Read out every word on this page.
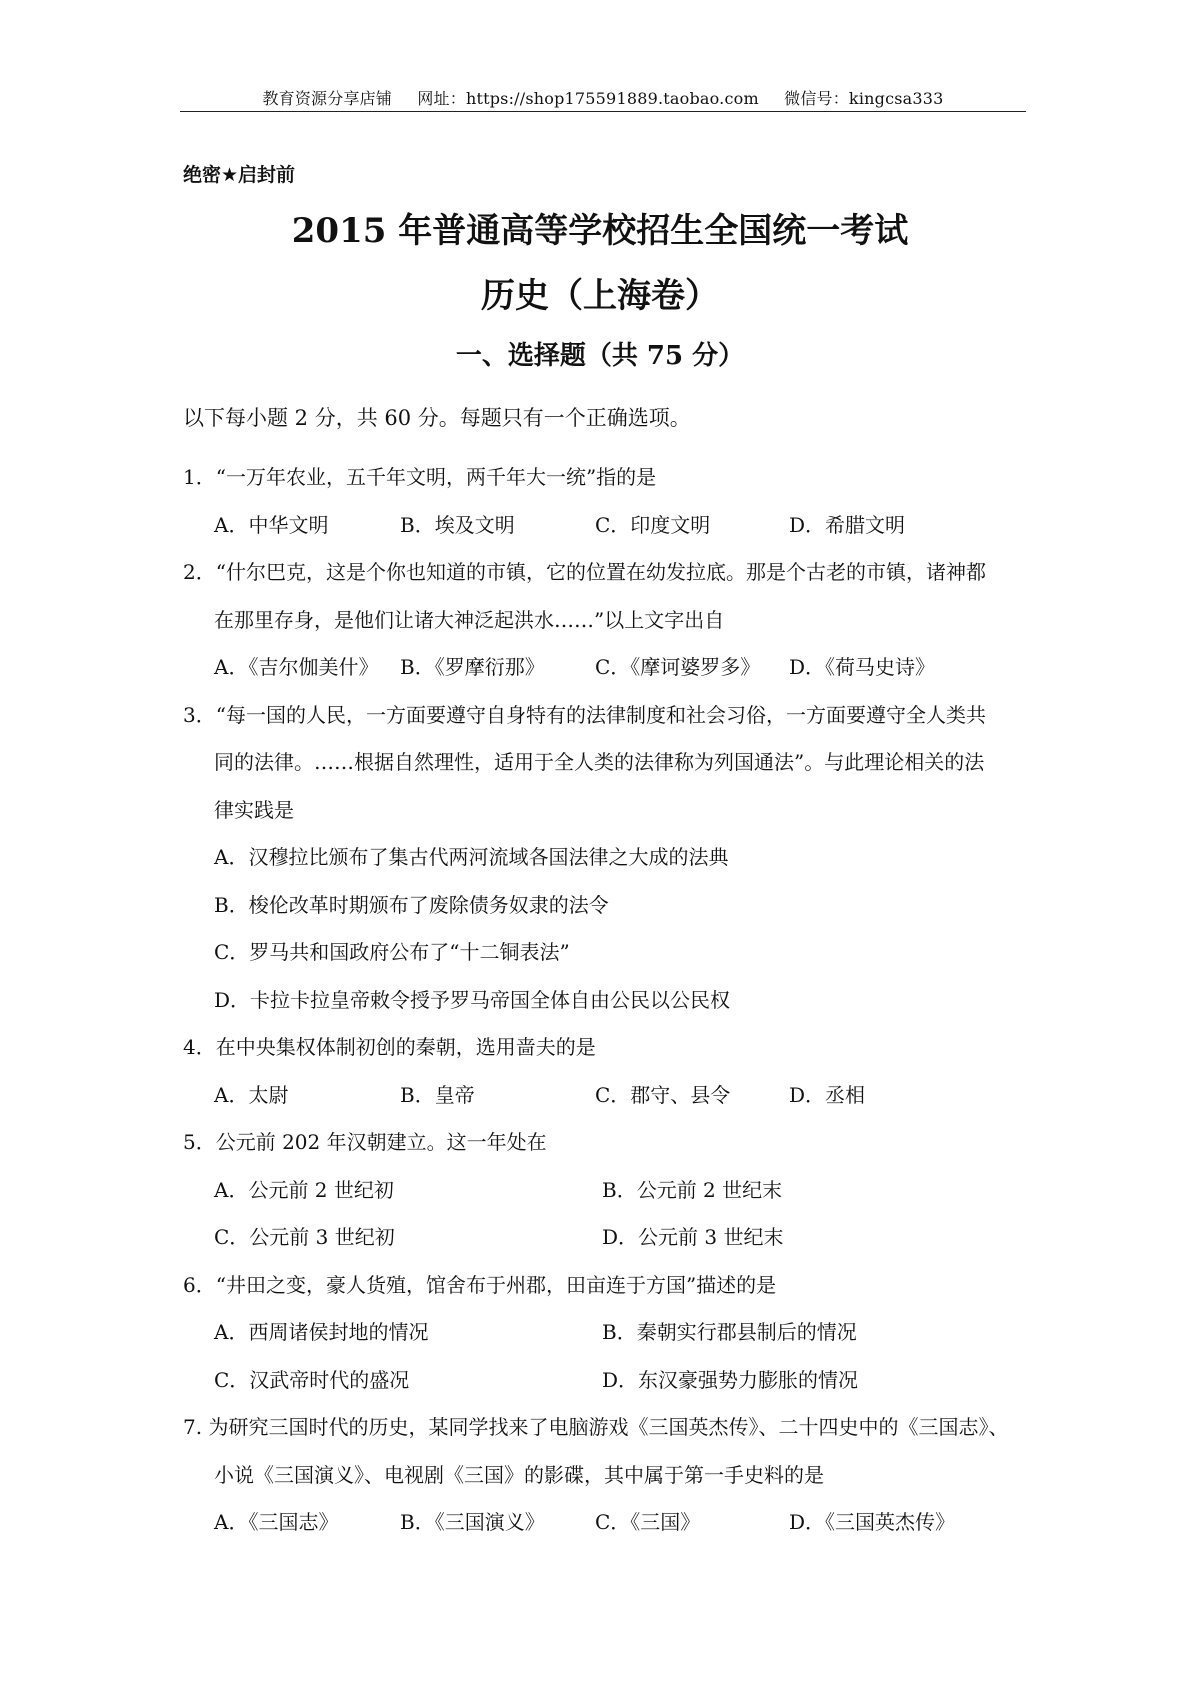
教育资源分享店铺 网址：https://shop175591889.taobao.com 微信号：kingcsa333
绝密★启封前
2015 年普通高等学校招生全国统一考试
历史（上海卷）
一、选择题（共 75 分）
以下每小题 2 分，共 60 分。每题只有一个正确选项。
1．“一万年农业，五千年文明，两千年大一统”指的是
A．中华文明	B．埃及文明	C．印度文明	D．希腊文明
2．“什尔巴克，这是个你也知道的市镇，它的位置在幼发拉底。那是个古老的市镇，诸神都
在那里存身，是他们让诸大神泛起洪水……”以上文字出自
A．《吉尔伽美什》 B．《罗摩衍那》	C．《摩诃婆罗多》 D．《荷马史诗》
3．“每一国的人民，一方面要遵守自身特有的法律制度和社会习俗，一方面要遵守全人类共
同的法律。……根据自然理性，适用于全人类的法律称为列国通法”。与此理论相关的法
律实践是
A．汉穆拉比颁布了集古代两河流域各国法律之大成的法典
B．梭伦改革时期颁布了废除债务奴隶的法令
C．罗马共和国政府公布了“十二铜表法”
D．卡拉卡拉皇帝敕令授予罗马帝国全体自由公民以公民权
4．在中央集权体制初创的秦朝，选用啬夫的是
A．太尉	B．皇帝	C．郡守、县令	D．丞相
5．公元前 202 年汉朝建立。这一年处在
A．公元前 2 世纪初	B．公元前 2 世纪末
C．公元前 3 世纪初	D．公元前 3 世纪末
6．“井田之变，豪人货殖，馆舍布于州郡，田亩连于方国”描述的是
A．西周诸侯封地的情况	B．秦朝实行郡县制后的情况
C．汉武帝时代的盛况	D．东汉豪强势力膨胀的情况
7. 为研究三国时代的历史，某同学找来了电脑游戏《三国英杰传》、二十四史中的《三国志》、
小说《三国演义》、电视剧《三国》的影碟，其中属于第一手史料的是
A．《三国志》	B．《三国演义》	C．《三国》	D．《三国英杰传》
